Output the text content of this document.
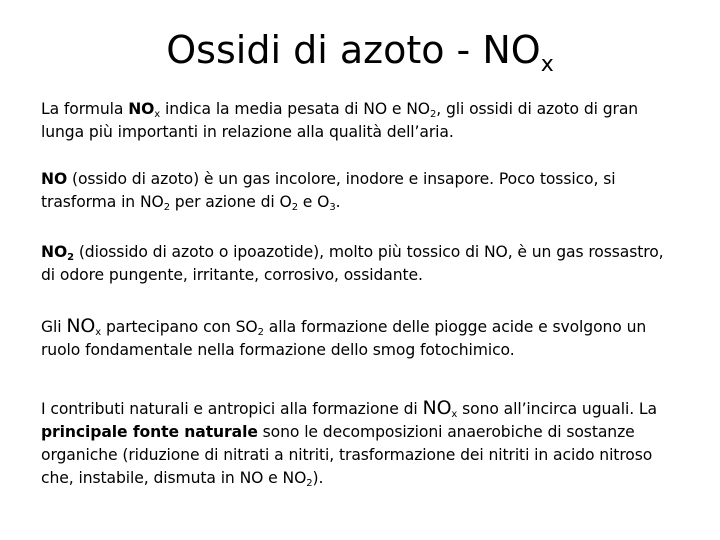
Ossidi di azoto - $NO_x$

La formula $NO_x$ indica la media pesata di NO e $NO_2$, gli ossidi di azoto di gran lunga più importanti in relazione alla qualità dell’aria.

NO (ossido di azoto) è un gas incolore, inodore e insapore. Poco tossico, si trasforma in $NO_2$ per azione di $O_2$ e $O_3$.

$NO_2$ (diossido di azoto o ipoazotide), molto più tossico di NO, è un gas rossastro, di odore pungente, irritante, corrosivo, ossidante.

Gli $NO_x$ partecipano con $SO_2$ alla formazione delle piogge acide e svolgono un ruolo fondamentale nella formazione dello smog fotochimico.

I contributi naturali e antropici alla formazione di $NO_x$ sono all’incirca uguali. La principale fonte naturale sono le decomposizioni anaerobiche di sostanze organiche (riduzione di nitrati a nitriti, trasformazione dei nitriti in acido nitroso che, instabile, dismuta in NO e $NO_2$).
